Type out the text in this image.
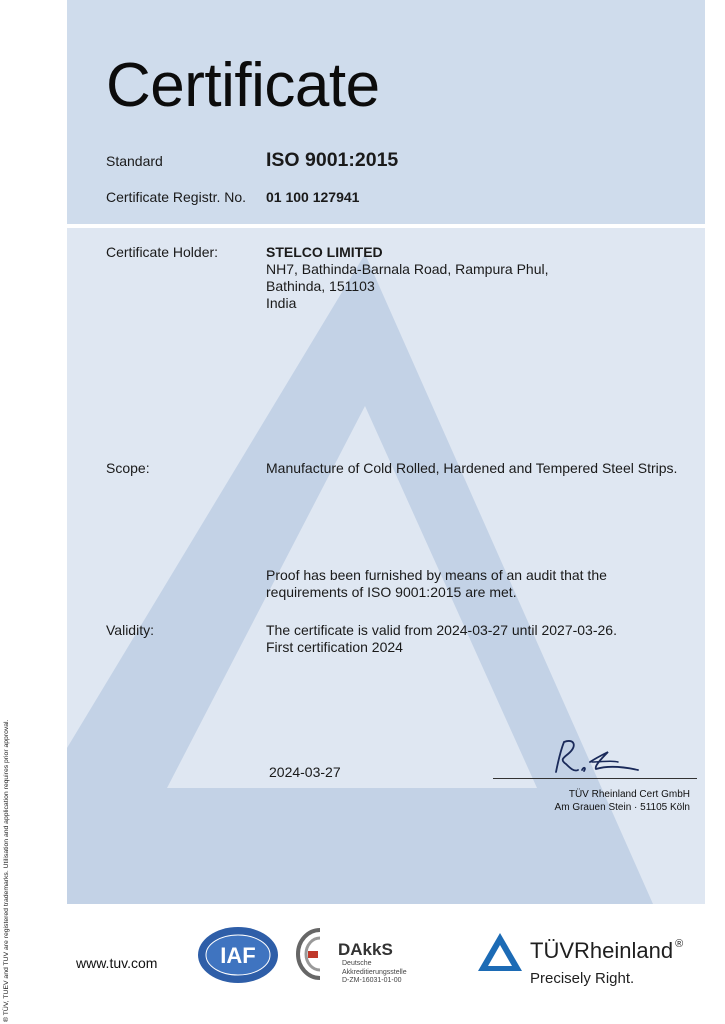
® TÜV, TUEV and TUV are registered trademarks. Utilisation and application requires prior approval.
Certificate
Standard	ISO 9001:2015
Certificate Registr. No. 01 100 127941
Certificate Holder:	STELCO LIMITED
NH7, Bathinda-Barnala Road, Rampura Phul,
Bathinda, 151103
India
Scope:	Manufacture of Cold Rolled, Hardened and Tempered Steel Strips.
Proof has been furnished by means of an audit that the
requirements of ISO 9001:2015 are met.
Validity:	The certificate is valid from 2024-03-27 until 2027-03-26.
First certification 2024
2024-03-27
TÜV Rheinland Cert GmbH
Am Grauen Stein · 51105 Köln
www.tuv.com	IAF	DAkkS
Deutsche
Akkreditierungsstelle
D-ZM-16031-01-00
TÜVRheinland ®
Precisely Right.
